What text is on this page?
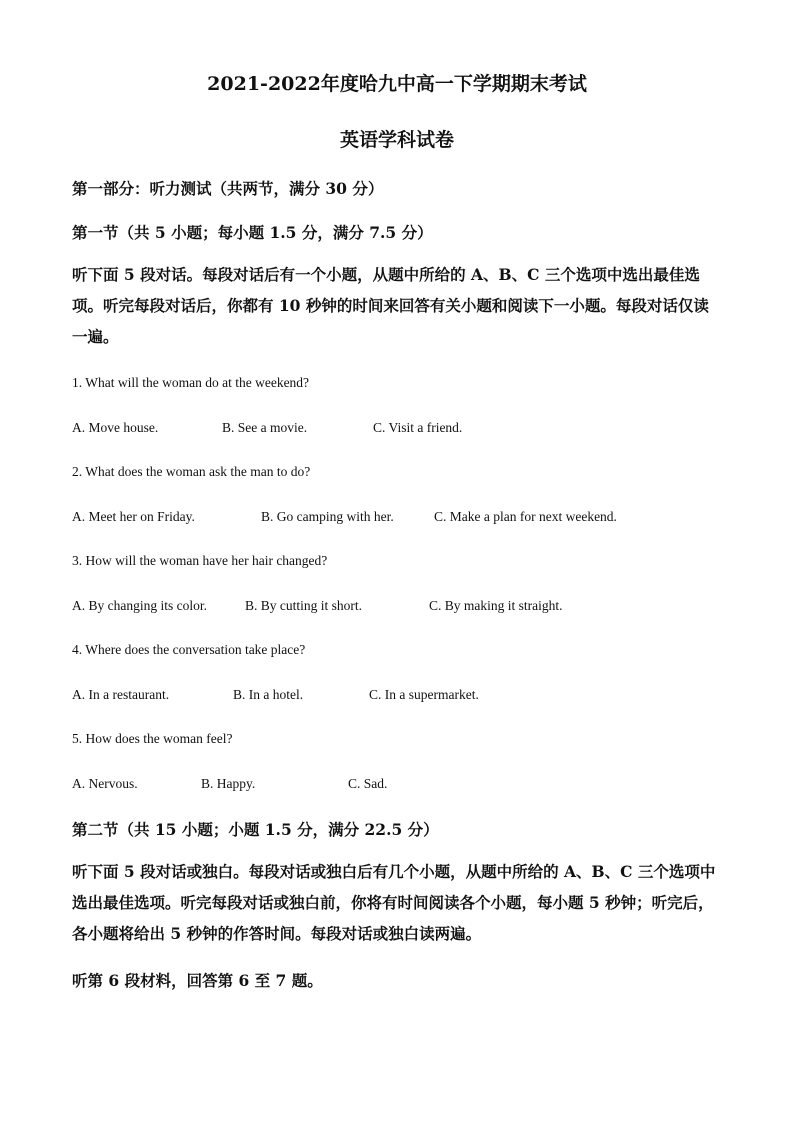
2021-2022年度哈九中高一下学期期末考试
英语学科试卷
第一部分：听力测试（共两节，满分 30 分）
第一节（共 5 小题；每小题 1.5 分，满分 7.5 分）
听下面 5 段对话。每段对话后有一个小题，从题中所给的 A、B、C 三个选项中选出最佳选项。听完每段对话后，你都有 10 秒钟的时间来回答有关小题和阅读下一小题。每段对话仅读一遍。
1. What will the woman do at the weekend?
A. Move house.	B. See a movie.	C. Visit a friend.
2. What does the woman ask the man to do?
A. Meet her on Friday.	B. Go camping with her.	C. Make a plan for next weekend.
3. How will the woman have her hair changed?
A. By changing its color.	B. By cutting it short.	C. By making it straight.
4. Where does the conversation take place?
A. In a restaurant.	B. In a hotel.	C. In a supermarket.
5. How does the woman feel?
A. Nervous.	B. Happy.	C. Sad.
第二节（共 15 小题；小题 1.5 分，满分 22.5 分）
听下面 5 段对话或独白。每段对话或独白后有几个小题，从题中所给的 A、B、C 三个选项中选出最佳选项。听完每段对话或独白前，你将有时间阅读各个小题，每小题 5 秒钟；听完后，各小题将给出 5 秒钟的作答时间。每段对话或独白读两遍。
听第 6 段材料，回答第 6 至 7 题。
